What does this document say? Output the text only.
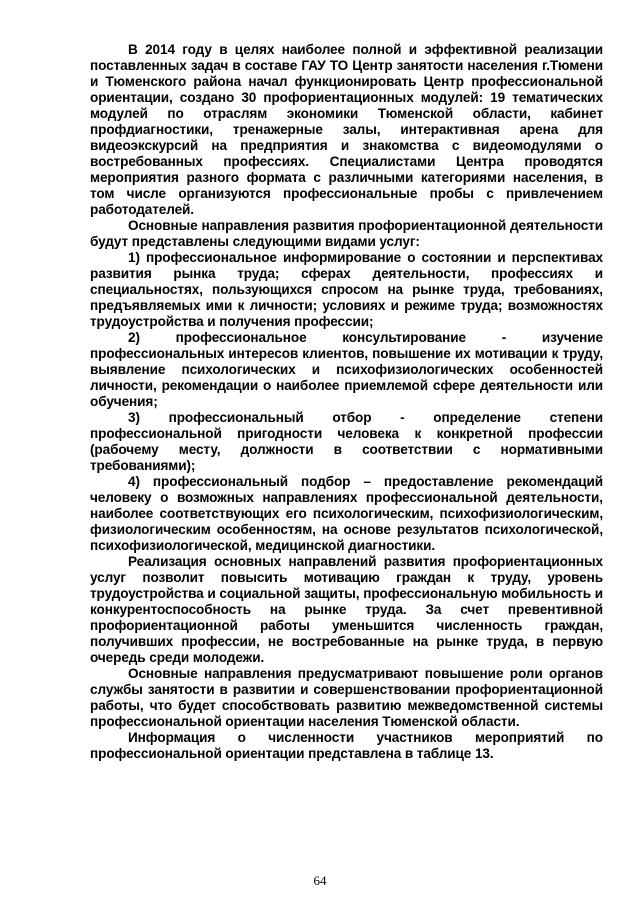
В 2014 году в целях наиболее полной и эффективной реализации поставленных задач в составе ГАУ ТО Центр занятости населения г.Тюмени и Тюменского района начал функционировать Центр профессиональной ориентации, создано 30 профориентационных модулей: 19 тематических модулей по отраслям экономики Тюменской области, кабинет профдиагностики, тренажерные залы, интерактивная арена для видеоэкскурсий на предприятия и знакомства с видеомодулями о востребованных профессиях. Специалистами Центра проводятся мероприятия разного формата с различными категориями населения, в том числе организуются профессиональные пробы с привлечением работодателей.

Основные направления развития профориентационной деятельности будут представлены следующими видами услуг:

1) профессиональное информирование о состоянии и перспективах развития рынка труда; сферах деятельности, профессиях и специальностях, пользующихся спросом на рынке труда, требованиях, предъявляемых ими к личности; условиях и режиме труда; возможностях трудоустройства и получения профессии;

2) профессиональное консультирование - изучение профессиональных интересов клиентов, повышение их мотивации к труду, выявление психологических и психофизиологических особенностей личности, рекомендации о наиболее приемлемой сфере деятельности или обучения;

3) профессиональный отбор - определение степени профессиональной пригодности человека к конкретной профессии (рабочему месту, должности в соответствии с нормативными требованиями);

4) профессиональный подбор – предоставление рекомендаций человеку о возможных направлениях профессиональной деятельности, наиболее соответствующих его психологическим, психофизиологическим, физиологическим особенностям, на основе результатов психологической, психофизиологической, медицинской диагностики.

Реализация основных направлений развития профориентационных услуг позволит повысить мотивацию граждан к труду, уровень трудоустройства и социальной защиты, профессиональную мобильность и конкурентоспособность на рынке труда. За счет превентивной профориентационной работы уменьшится численность граждан, получивших профессии, не востребованные на рынке труда, в первую очередь среди молодежи.

Основные направления предусматривают повышение роли органов службы занятости в развитии и совершенствовании профориентационной работы, что будет способствовать развитию межведомственной системы профессиональной ориентации населения Тюменской области.

Информация о численности участников мероприятий по профессиональной ориентации представлена в таблице 13.

64
